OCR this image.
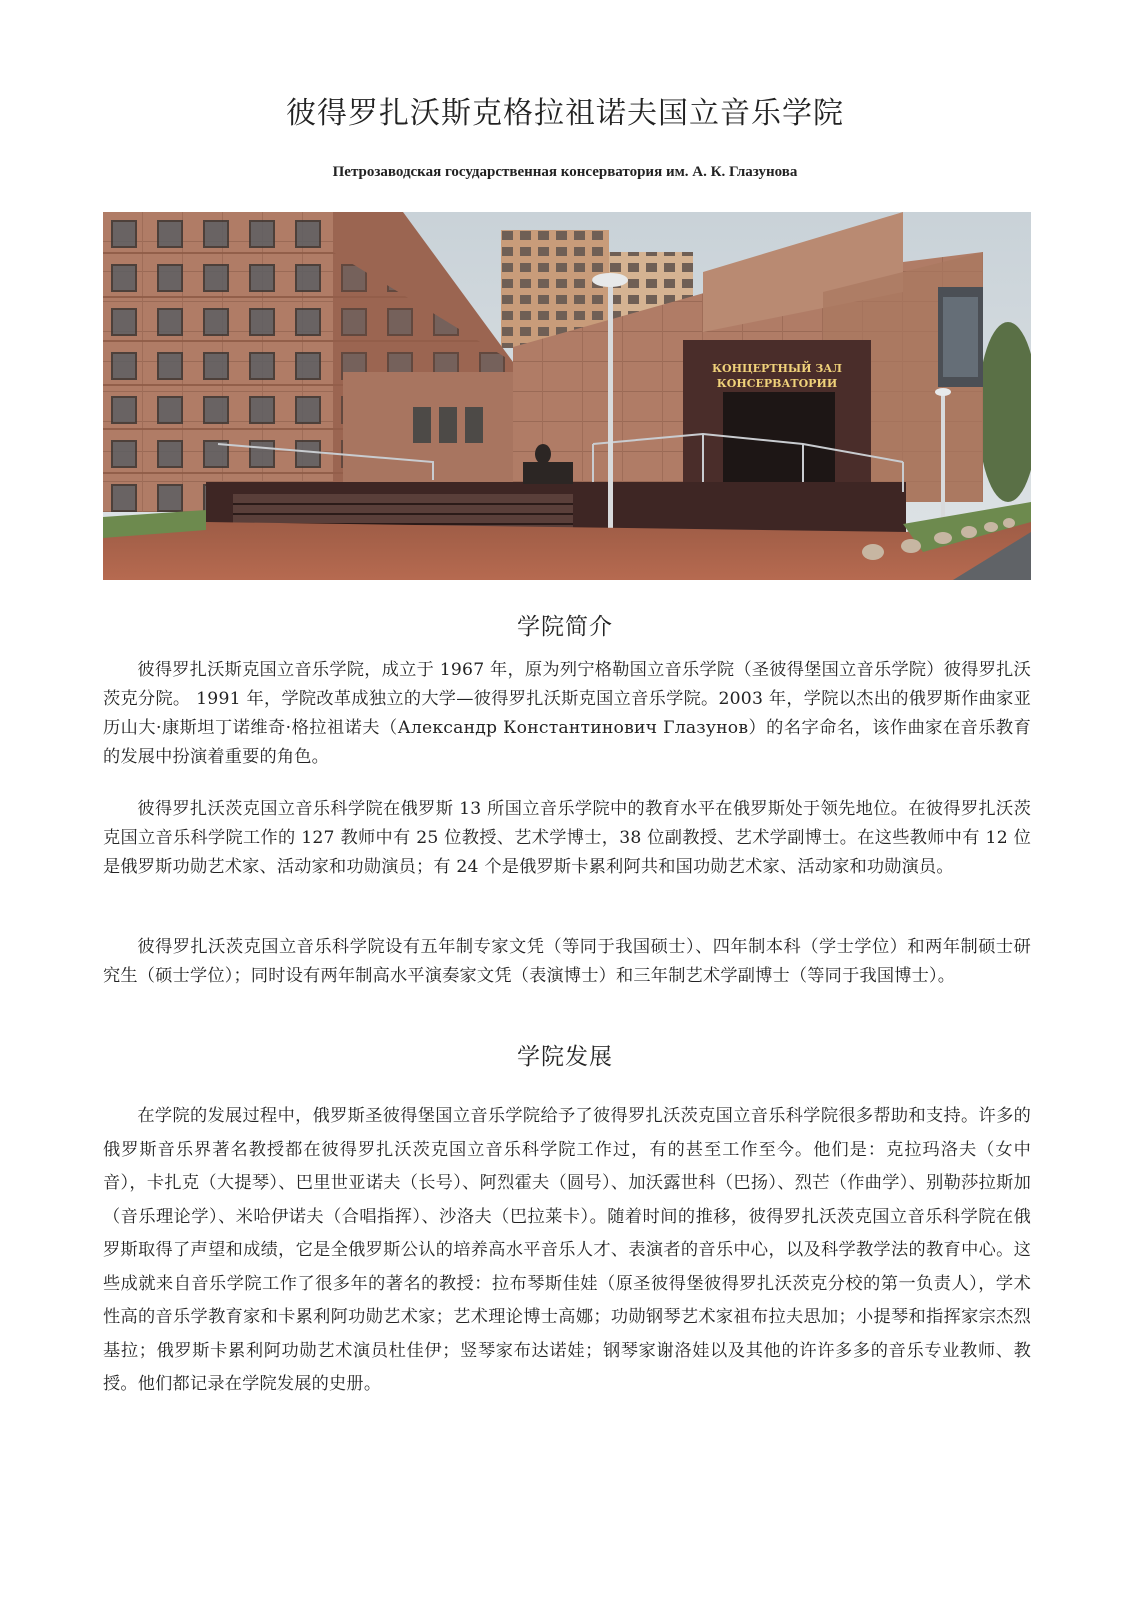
彼得罗扎沃斯克格拉祖诺夫国立音乐学院
Петрозаводская государственная консерватория им. А. К. Глазунова
КОНЦЕРТНЫЙ ЗАЛ
КОНСЕРВАТОРИИ
学院简介
彼得罗扎沃斯克国立音乐学院，成立于 1967 年，原为列宁格勒国立音乐学院（圣彼得堡国立音乐学院）彼得罗扎沃茨克分院。 1991 年，学院改革成独立的大学—彼得罗扎沃斯克国立音乐学院。2003 年，学院以杰出的俄罗斯作曲家亚历山大·康斯坦丁诺维奇·格拉祖诺夫（Александр Константинович Глазунов）的名字命名，该作曲家在音乐教育的发展中扮演着重要的角色。
彼得罗扎沃茨克国立音乐科学院在俄罗斯 13 所国立音乐学院中的教育水平在俄罗斯处于领先地位。在彼得罗扎沃茨克国立音乐科学院工作的 127 教师中有 25 位教授、艺术学博士，38 位副教授、艺术学副博士。在这些教师中有 12 位是俄罗斯功勋艺术家、活动家和功勋演员；有 24 个是俄罗斯卡累利阿共和国功勋艺术家、活动家和功勋演员。
彼得罗扎沃茨克国立音乐科学院设有五年制专家文凭（等同于我国硕士）、四年制本科（学士学位）和两年制硕士研究生（硕士学位）；同时设有两年制高水平演奏家文凭（表演博士）和三年制艺术学副博士（等同于我国博士）。
学院发展
在学院的发展过程中，俄罗斯圣彼得堡国立音乐学院给予了彼得罗扎沃茨克国立音乐科学院很多帮助和支持。许多的俄罗斯音乐界著名教授都在彼得罗扎沃茨克国立音乐科学院工作过，有的甚至工作至今。他们是：克拉玛洛夫（女中音），卡扎克（大提琴）、巴里世亚诺夫（长号）、阿烈霍夫（圆号）、加沃露世科（巴扬）、烈芒（作曲学）、别勒莎拉斯加（音乐理论学）、米哈伊诺夫（合唱指挥）、沙洛夫（巴拉莱卡）。随着时间的推移，彼得罗扎沃茨克国立音乐科学院在俄罗斯取得了声望和成绩，它是全俄罗斯公认的培养高水平音乐人才、表演者的音乐中心，以及科学教学法的教育中心。这些成就来自音乐学院工作了很多年的著名的教授：拉布琴斯佳娃（原圣彼得堡彼得罗扎沃茨克分校的第一负责人），学术性高的音乐学教育家和卡累利阿功勋艺术家；艺术理论博士高娜；功勋钢琴艺术家祖布拉夫思加；小提琴和指挥家宗杰烈基拉；俄罗斯卡累利阿功勋艺术演员杜佳伊；竖琴家布达诺娃；钢琴家谢洛娃以及其他的许许多多的音乐专业教师、教授。他们都记录在学院发展的史册。
